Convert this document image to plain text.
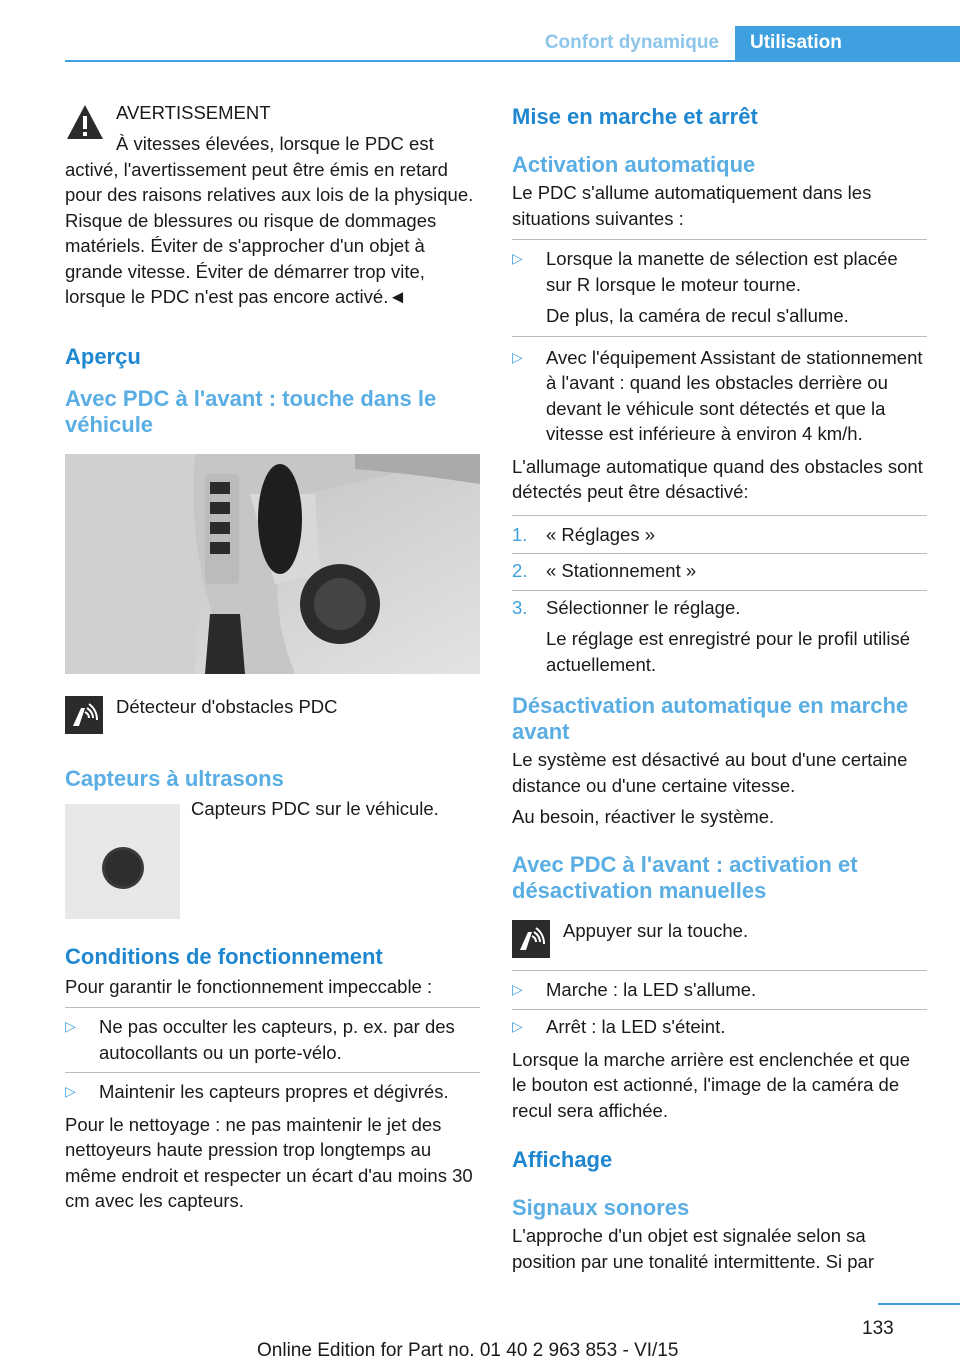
Confort dynamique	Utilisation
AVERTISSEMENT

À vitesses élevées, lorsque le PDC est activé, l'avertissement peut être émis en retard pour des raisons relatives aux lois de la physique. Risque de blessures ou risque de dommages matériels. Éviter de s'approcher d'un objet à grande vitesse. Éviter de démarrer trop vite, lorsque le PDC n'est pas encore activé.◄

Aperçu
Avec PDC à l'avant : touche dans le véhicule
Détecteur d'obstacles PDC
Capteurs à ultrasons
Capteurs PDC sur le véhicule.
Conditions de fonctionnement

Pour garantir le fonctionnement impeccable :

▷ Ne pas occulter les capteurs, p. ex. par des autocollants ou un porte-vélo.
▷ Maintenir les capteurs propres et dégivrés.

Pour le nettoyage : ne pas maintenir le jet des nettoyeurs haute pression trop longtemps au même endroit et respecter un écart d'au moins 30 cm avec les capteurs.

Mise en marche et arrêt
Activation automatique

Le PDC s'allume automatiquement dans les situations suivantes :

▷ Lorsque la manette de sélection est placée sur R lorsque le moteur tourne.
De plus, la caméra de recul s'allume.
▷ Avec l'équipement Assistant de stationnement à l'avant : quand les obstacles derrière ou devant le véhicule sont détectés et que la vitesse est inférieure à environ 4 km/h.

L'allumage automatique quand des obstacles sont détectés peut être désactivé:

1. « Réglages »
2. « Stationnement »
3. Sélectionner le réglage.
Le réglage est enregistré pour le profil utilisé actuellement.
Désactivation automatique en marche avant

Le système est désactivé au bout d'une certaine distance ou d'une certaine vitesse.

Au besoin, réactiver le système.

Avec PDC à l'avant : activation et désactivation manuelles
Appuyer sur la touche.
▷ Marche : la LED s'allume.
▷ Arrêt : la LED s'éteint.

Lorsque la marche arrière est enclenchée et que le bouton est actionné, l'image de la caméra de recul sera affichée.

Affichage
Signaux sonores

L'approche d'un objet est signalée selon sa position par une tonalité intermittente. Si par

133
Online Edition for Part no. 01 40 2 963 853 - VI/15
